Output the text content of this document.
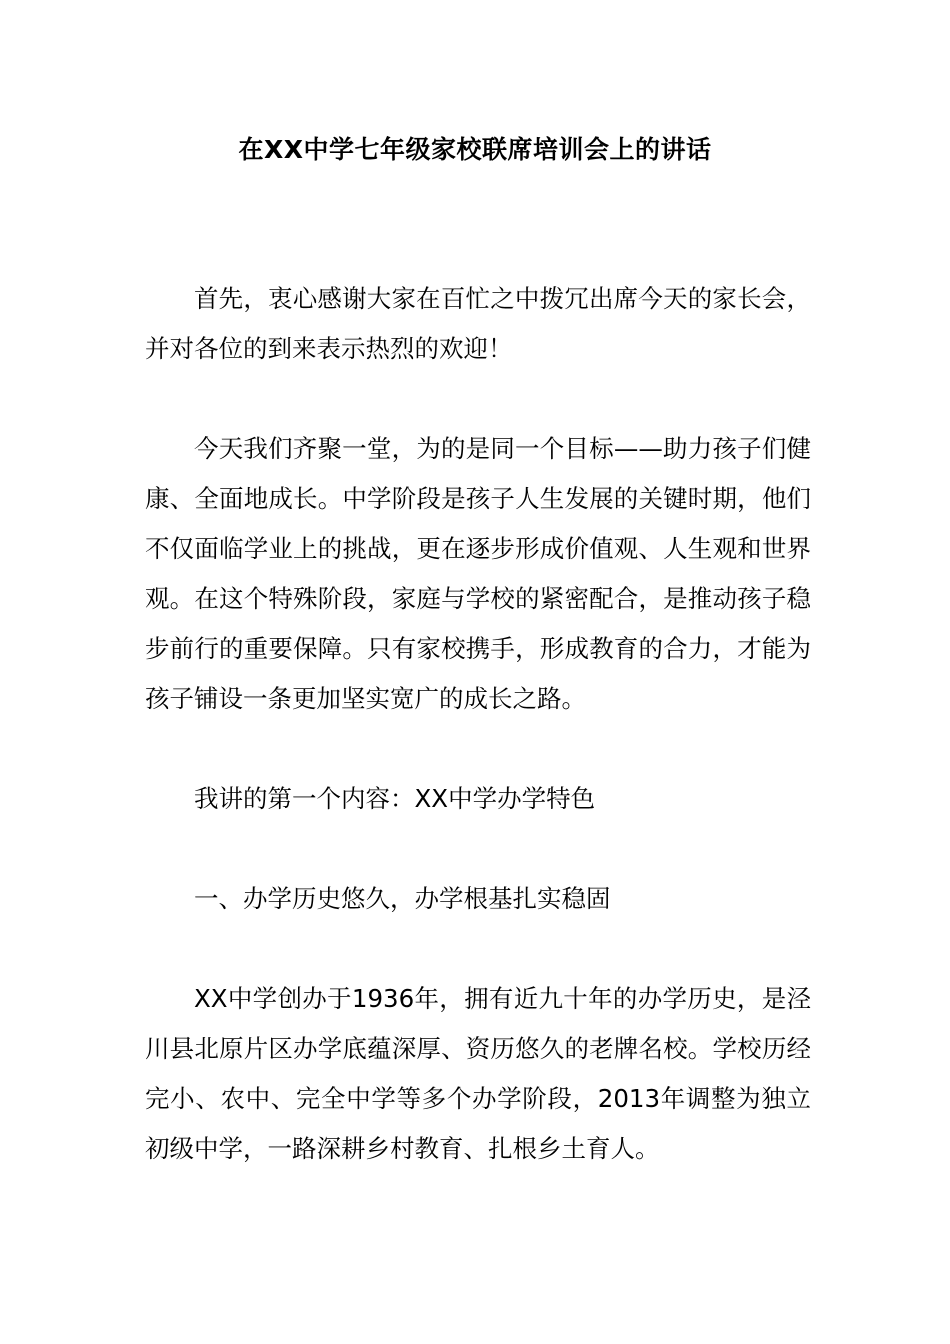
在XX中学七年级家校联席培训会上的讲话

首先，衷心感谢大家在百忙之中拨冗出席今天的家长会，并对各位的到来表示热烈的欢迎！

今天我们齐聚一堂，为的是同一个目标——助力孩子们健康、全面地成长。中学阶段是孩子人生发展的关键时期，他们不仅面临学业上的挑战，更在逐步形成价值观、人生观和世界观。在这个特殊阶段，家庭与学校的紧密配合，是推动孩子稳步前行的重要保障。只有家校携手，形成教育的合力，才能为孩子铺设一条更加坚实宽广的成长之路。

我讲的第一个内容：XX中学办学特色

一、办学历史悠久，办学根基扎实稳固

XX中学创办于1936年，拥有近九十年的办学历史，是泾川县北原片区办学底蕴深厚、资历悠久的老牌名校。学校历经完小、农中、完全中学等多个办学阶段，2013年调整为独立初级中学，一路深耕乡村教育、扎根乡土育人。
